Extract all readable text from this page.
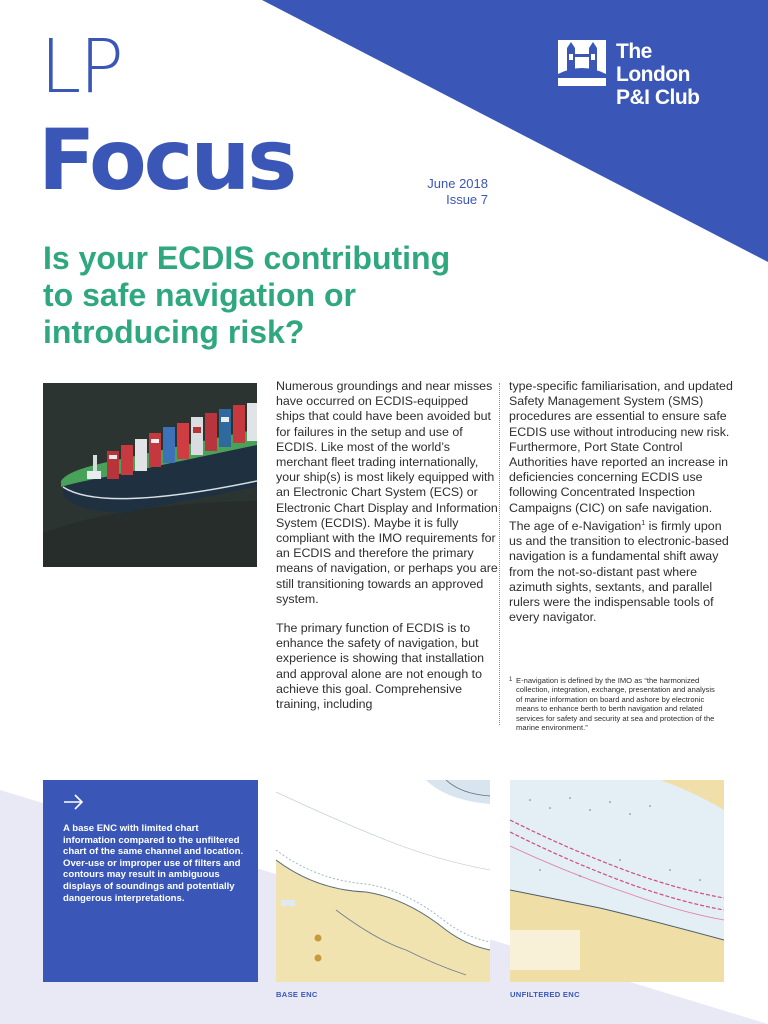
LP
Focus	June 2018
Issue 7
The
London
P&I Club
Is your ECDIS contributing
to safe navigation or
introducing risk?

Numerous groundings and near misses have occurred on ECDIS-equipped ships that could have been avoided but for failures in the setup and use of ECDIS. Like most of the world’s merchant fleet trading internationally, your ship(s) is most likely equipped with an Electronic Chart System (ECS) or Electronic Chart Display and Information System (ECDIS). Maybe it is fully compliant with the IMO requirements for an ECDIS and therefore the primary means of navigation, or perhaps you are still transitioning towards an approved system.

The primary function of ECDIS is to enhance the safety of navigation, but experience is showing that installation and approval alone are not enough to achieve this goal. Comprehensive training, including

type-specific familiarisation, and updated Safety Management System (SMS) procedures are essential to ensure safe ECDIS use without introducing new risk. Furthermore, Port State Control Authorities have reported an increase in deficiencies concerning ECDIS use following Concentrated Inspection Campaigns (CIC) on safe navigation. The age of e-Navigation$^1$ is firmly upon us and the transition to electronic-based navigation is a fundamental shift away from the not-so-distant past where azimuth sights, sextants, and parallel rulers were the indispensable tools of every navigator.

1 E-navigation is defined by the IMO as “the harmonized collection, integration, exchange, presentation and analysis of marine information on board and ashore by electronic means to enhance berth to berth navigation and related services for safety and security at sea and protection of the marine environment.”
A base ENC with limited chart information compared to the unfiltered chart of the same channel and location. Over-use or improper use of filters and contours may result in ambiguous displays of soundings and potentially dangerous interpretations.
BASE ENC	UNFILTERED ENC
